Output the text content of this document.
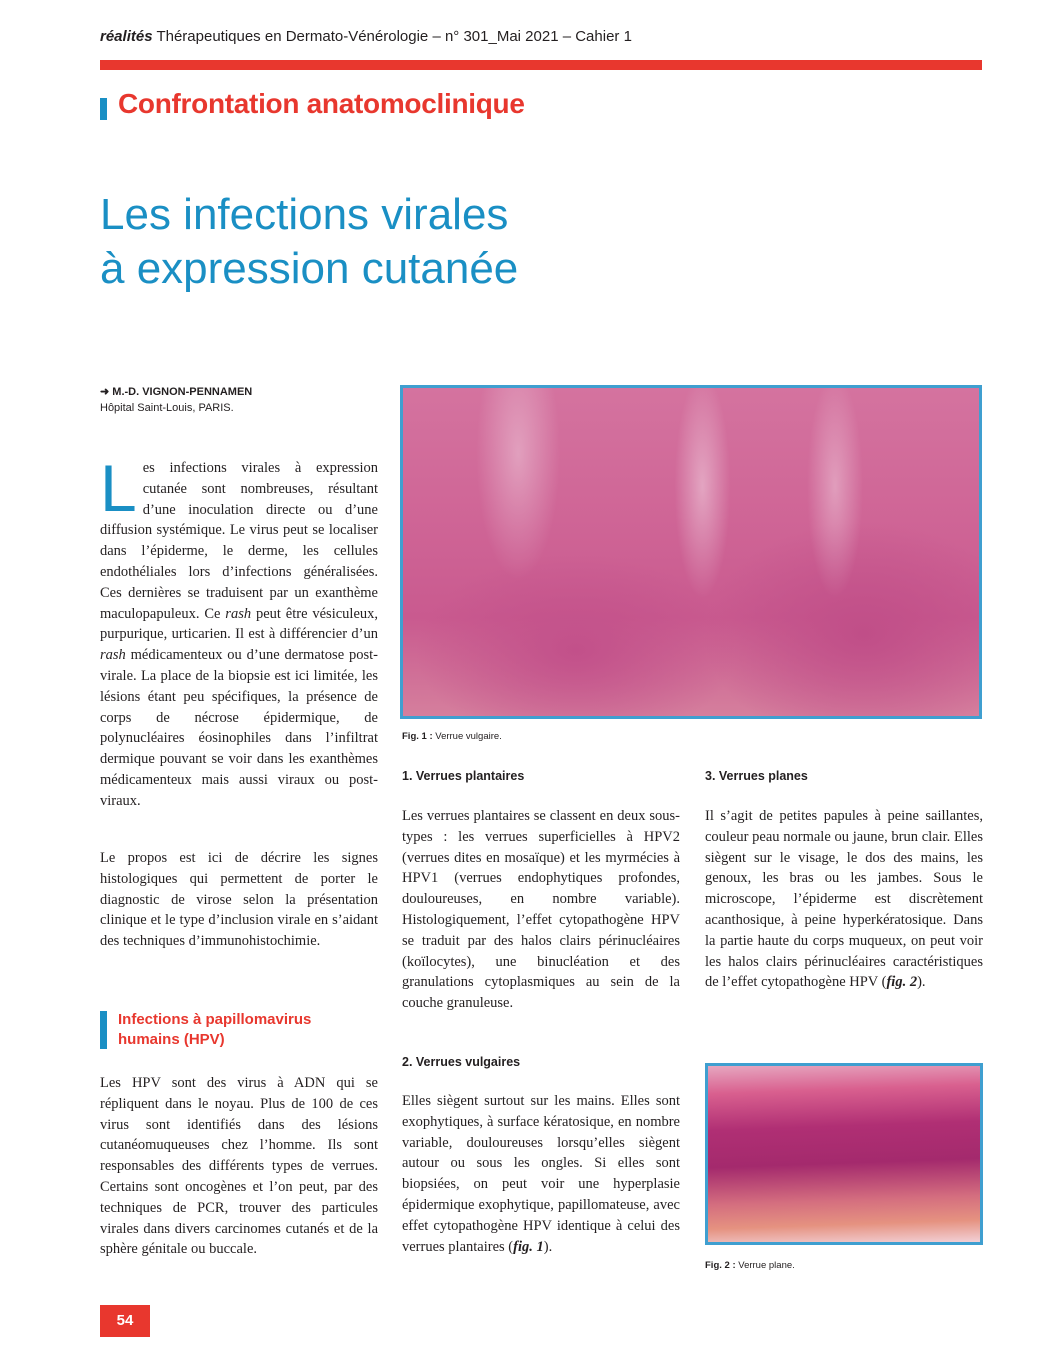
réalités Thérapeutiques en Dermato-Vénérologie – n° 301_Mai 2021 – Cahier 1
Confrontation anatomoclinique
Les infections virales
à expression cutanée
➜ M.-D. VIGNON-PENNAMEN
Hôpital Saint-Louis, PARIS.
Les infections virales à expression cutanée sont nombreuses, résultant d’une inoculation directe ou d’une diffusion systémique. Le virus peut se localiser dans l’épiderme, le derme, les cellules endothéliales lors d’infections généralisées. Ces dernières se traduisent par un exanthème maculopapuleux. Ce rash peut être vésiculeux, purpurique, urticarien. Il est à différencier d’un rash médicamenteux ou d’une dermatose post-virale. La place de la biopsie est ici limitée, les lésions étant peu spécifiques, la présence de corps de nécrose épidermique, de polynucléaires éosinophiles dans l’infiltrat dermique pouvant se voir dans les exanthèmes médicamenteux mais aussi viraux ou post-viraux.
Le propos est ici de décrire les signes histologiques qui permettent de porter le diagnostic de virose selon la présentation clinique et le type d’inclusion virale en s’aidant des techniques d’immunohistochimie.
Infections à papillomavirus humains (HPV)
Les HPV sont des virus à ADN qui se répliquent dans le noyau. Plus de 100 de ces virus sont identifiés dans des lésions cutanéomuqueuses chez l’homme. Ils sont responsables des différents types de verrues. Certains sont oncogènes et l’on peut, par des techniques de PCR, trouver des particules virales dans divers carcinomes cutanés et de la sphère génitale ou buccale.
Fig. 1 : Verrue vulgaire.
1. Verrues plantaires
Les verrues plantaires se classent en deux sous-types : les verrues superficielles à HPV2 (verrues dites en mosaïque) et les myrmécies à HPV1 (verrues endophytiques profondes, douloureuses, en nombre variable). Histologiquement, l’effet cytopathogène HPV se traduit par des halos clairs périnucléaires (koïlocytes), une binucléation et des granulations cytoplasmiques au sein de la couche granuleuse.
2. Verrues vulgaires
Elles siègent surtout sur les mains. Elles sont exophytiques, à surface kératosique, en nombre variable, douloureuses lorsqu’elles siègent autour ou sous les ongles. Si elles sont biopsiées, on peut voir une hyperplasie épidermique exophytique, papillomateuse, avec effet cytopathogène HPV identique à celui des verrues plantaires (fig. 1).
3. Verrues planes
Il s’agit de petites papules à peine saillantes, couleur peau normale ou jaune, brun clair. Elles siègent sur le visage, le dos des mains, les genoux, les bras ou les jambes. Sous le microscope, l’épiderme est discrètement acanthosique, à peine hyperkératosique. Dans la partie haute du corps muqueux, on peut voir les halos clairs périnucléaires caractéristiques de l’effet cytopathogène HPV (fig. 2).
Fig. 2 : Verrue plane.
54
